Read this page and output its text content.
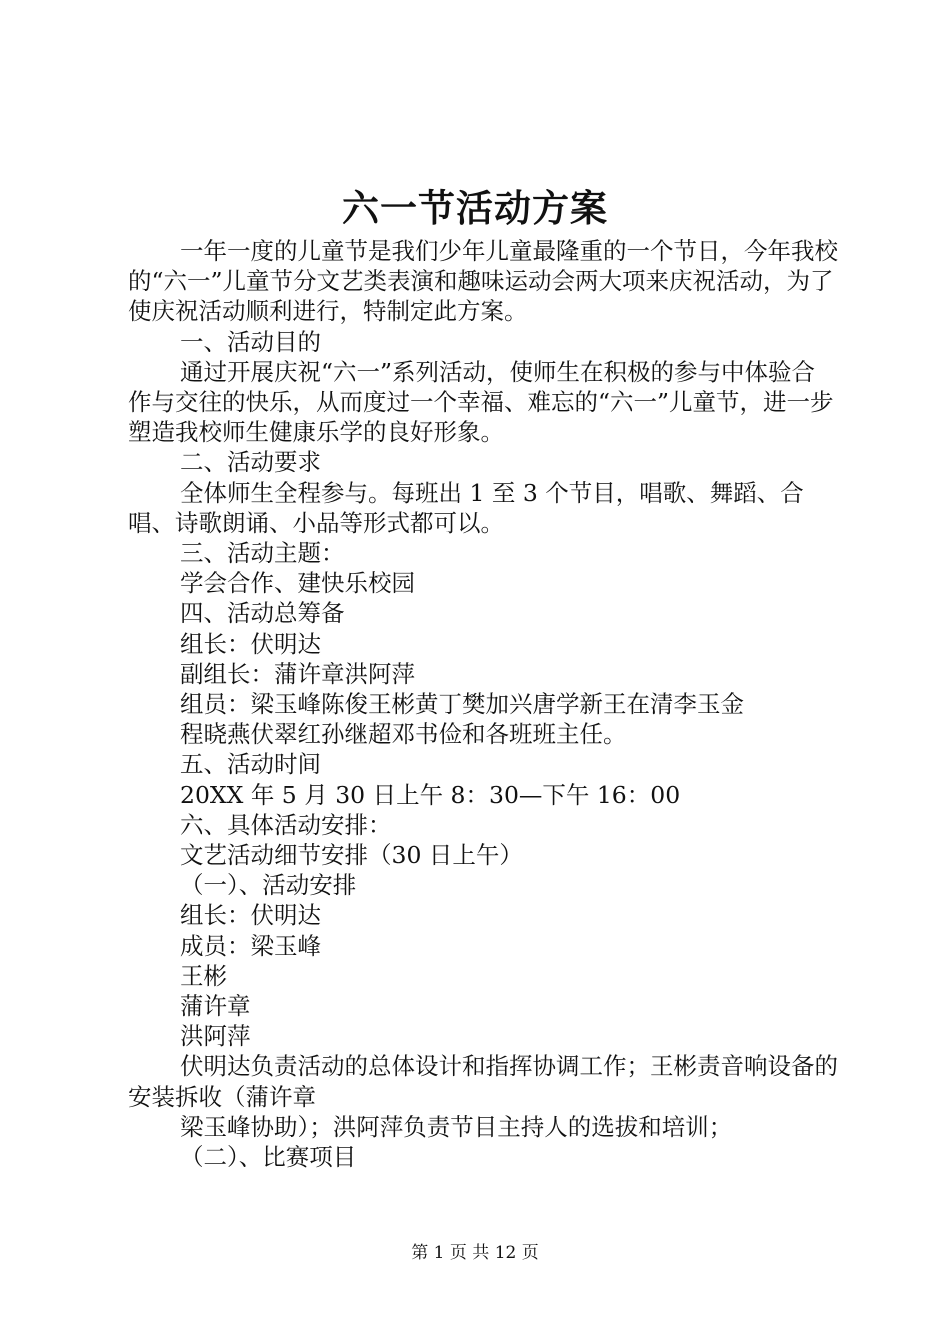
六一节活动方案

一年一度的儿童节是我们少年儿童最隆重的一个节日，今年我校的“六一”儿童节分文艺类表演和趣味运动会两大项来庆祝活动，为了使庆祝活动顺利进行，特制定此方案。

一、活动目的

通过开展庆祝“六一”系列活动，使师生在积极的参与中体验合作与交往的快乐，从而度过一个幸福、难忘的“六一”儿童节，进一步塑造我校师生健康乐学的良好形象。

二、活动要求

全体师生全程参与。每班出 1 至 3 个节目，唱歌、舞蹈、合唱、诗歌朗诵、小品等形式都可以。

三、活动主题：

学会合作、建快乐校园

四、活动总筹备

组长：伏明达

副组长：蒲许章洪阿萍

组员：梁玉峰陈俊王彬黄丁樊加兴唐学新王在清李玉金

程晓燕伏翠红孙继超邓书俭和各班班主任。

五、活动时间

20XX 年 5 月 30 日上午 8：30—下午 16：00

六、具体活动安排：

文艺活动细节安排（30 日上午）

（一）、活动安排

组长：伏明达

成员：梁玉峰

王彬

蒲许章

洪阿萍

伏明达负责活动的总体设计和指挥协调工作；王彬责音响设备的安装拆收（蒲许章

梁玉峰协助）；洪阿萍负责节目主持人的选拔和培训；

（二）、比赛项目

第 1 页 共 12 页
